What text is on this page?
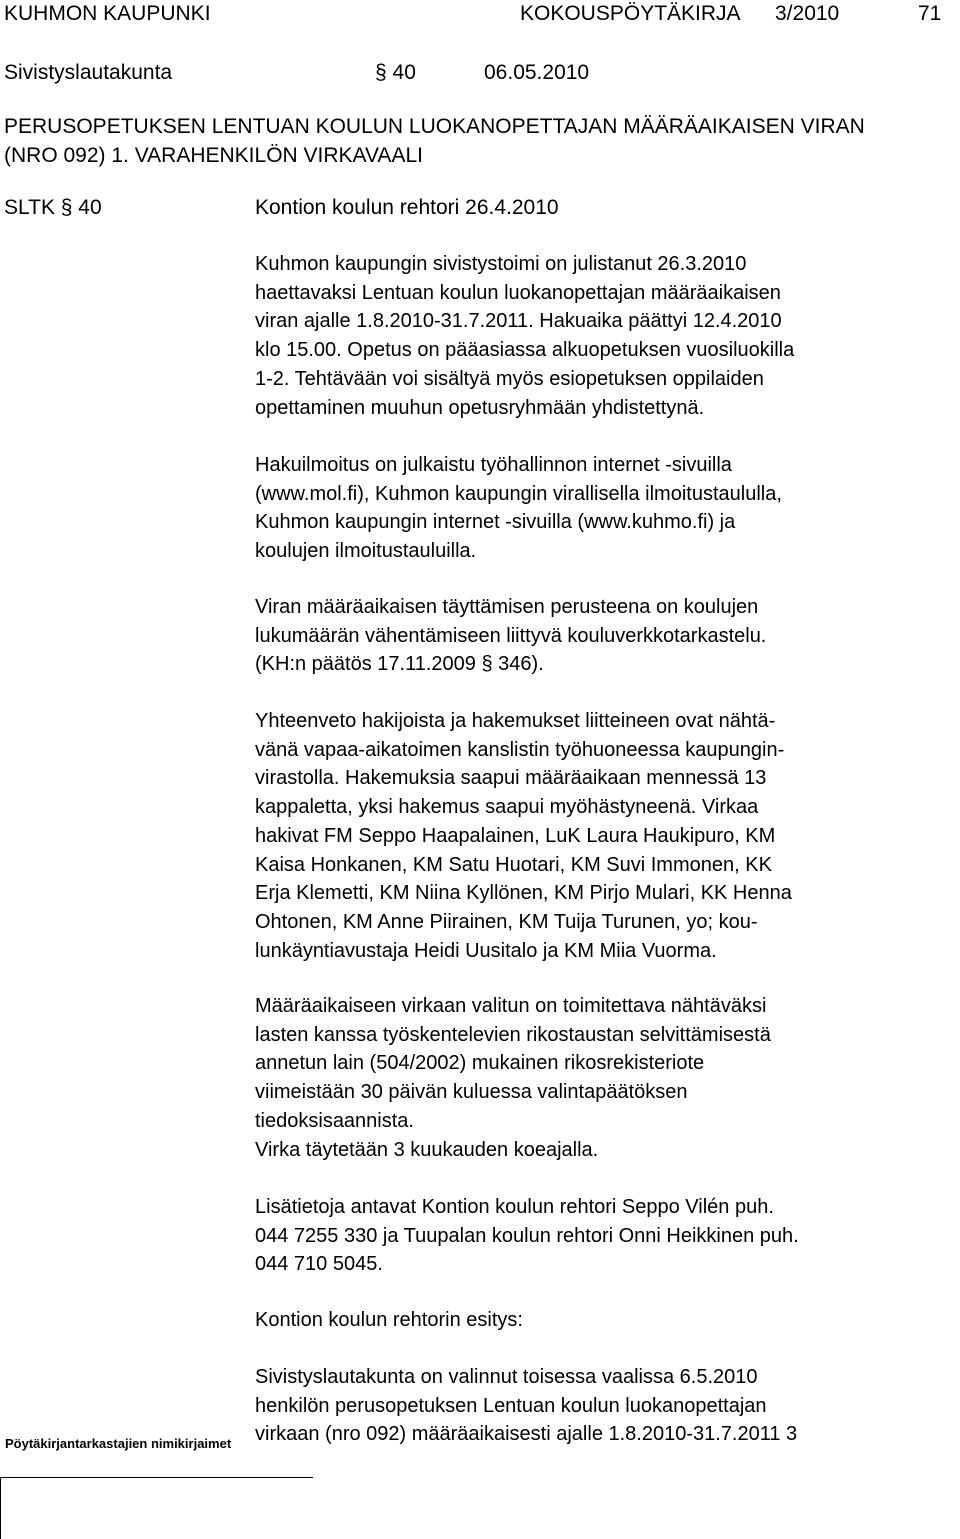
KUHMON KAUPUNKI	KOKOUSPÖYTÄKIRJA 3/2010	71
Sivistyslautakunta	§ 40	06.05.2010
PERUSOPETUKSEN LENTUAN KOULUN LUOKANOPETTAJAN MÄÄRÄAIKAISEN VIRAN
(NRO 092) 1. VARAHENKILÖN VIRKAVAALI
SLTK § 40	Kontion koulun rehtori 26.4.2010
Kuhmon kaupungin sivistystoimi on julistanut 26.3.2010
haettavaksi Lentuan koulun luokanopettajan määräaikaisen
viran ajalle 1.8.2010-31.7.2011. Hakuaika päättyi 12.4.2010
klo 15.00. Opetus on pääasiassa alkuopetuksen vuosiluokilla
1-2. Tehtävään voi sisältyä myös esiopetuksen oppilaiden
opettaminen muuhun opetusryhmään yhdistettynä.
Hakuilmoitus on julkaistu työhallinnon internet -sivuilla
(www.mol.fi), Kuhmon kaupungin virallisella ilmoitustaululla,
Kuhmon kaupungin internet -sivuilla (www.kuhmo.fi) ja
koulujen ilmoitustauluilla.
Viran määräaikaisen täyttämisen perusteena on koulujen
lukumäärän vähentämiseen liittyvä kouluverkkotarkastelu.
(KH:n päätös 17.11.2009 § 346).
Yhteenveto hakijoista ja hakemukset liitteineen ovat nähtä-
vänä vapaa-aikatoimen kanslistin työhuoneessa kaupungin-
virastolla. Hakemuksia saapui määräaikaan mennessä 13
kappaletta, yksi hakemus saapui myöhästyneenä. Virkaa
hakivat FM Seppo Haapalainen, LuK Laura Haukipuro, KM
Kaisa Honkanen, KM Satu Huotari, KM Suvi Immonen, KK
Erja Klemetti, KM Niina Kyllönen, KM Pirjo Mulari, KK Henna
Ohtonen, KM Anne Piirainen, KM Tuija Turunen, yo; kou-
lunkäyntiavustaja Heidi Uusitalo ja KM Miia Vuorma.
Määräaikaiseen virkaan valitun on toimitettava nähtäväksi
lasten kanssa työskentelevien rikostaustan selvittämisestä
annetun lain (504/2002) mukainen rikosrekisteriote
viimeistään 30 päivän kuluessa valintapäätöksen
tiedoksisaannista.
Virka täytetään 3 kuukauden koeajalla.
Lisätietoja antavat Kontion koulun rehtori Seppo Vilén puh.
044 7255 330 ja Tuupalan koulun rehtori Onni Heikkinen puh.
044 710 5045.
Kontion koulun rehtorin esitys:
Sivistyslautakunta on valinnut toisessa vaalissa 6.5.2010
henkilön perusopetuksen Lentuan koulun luokanopettajan
virkaan (nro 092) määräaikaisesti ajalle 1.8.2010-31.7.2011 3
Pöytäkirjantarkastajien nimikirjaimet
